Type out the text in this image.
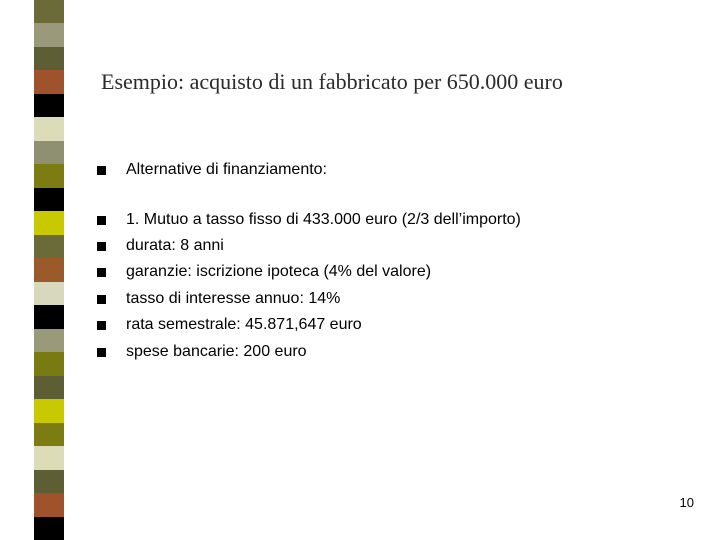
Esempio: acquisto di un fabbricato per 650.000 euro
Alternative di finanziamento:
1. Mutuo a tasso fisso di 433.000 euro (2/3 dell’importo)
durata: 8 anni
garanzie: iscrizione ipoteca (4% del valore)
tasso di interesse annuo: 14%
rata semestrale: 45.871,647 euro
spese bancarie: 200 euro
10
